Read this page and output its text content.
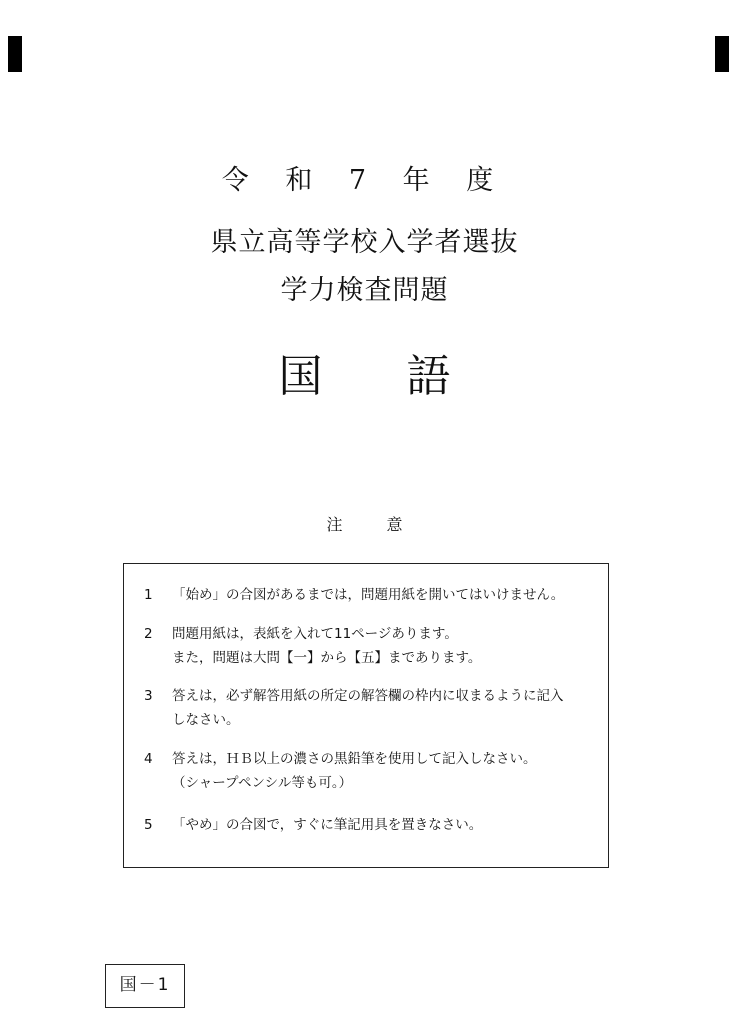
令 和 7 年 度
県立高等学校入学者選抜
学力検査問題
国語
注意
1	「始め」の合図があるまでは，問題用紙を開いてはいけません。
2	問題用紙は，表紙を入れて11ページあります。
また，問題は大問【一】から【五】まであります。
3	答えは，必ず解答用紙の所定の解答欄の枠内に収まるように記入
しなさい。
4	答えは，ＨＢ以上の濃さの黒鉛筆を使用して記入しなさい。
（シャープペンシル等も可。）
5	「やめ」の合図で，すぐに筆記用具を置きなさい。
国－1
